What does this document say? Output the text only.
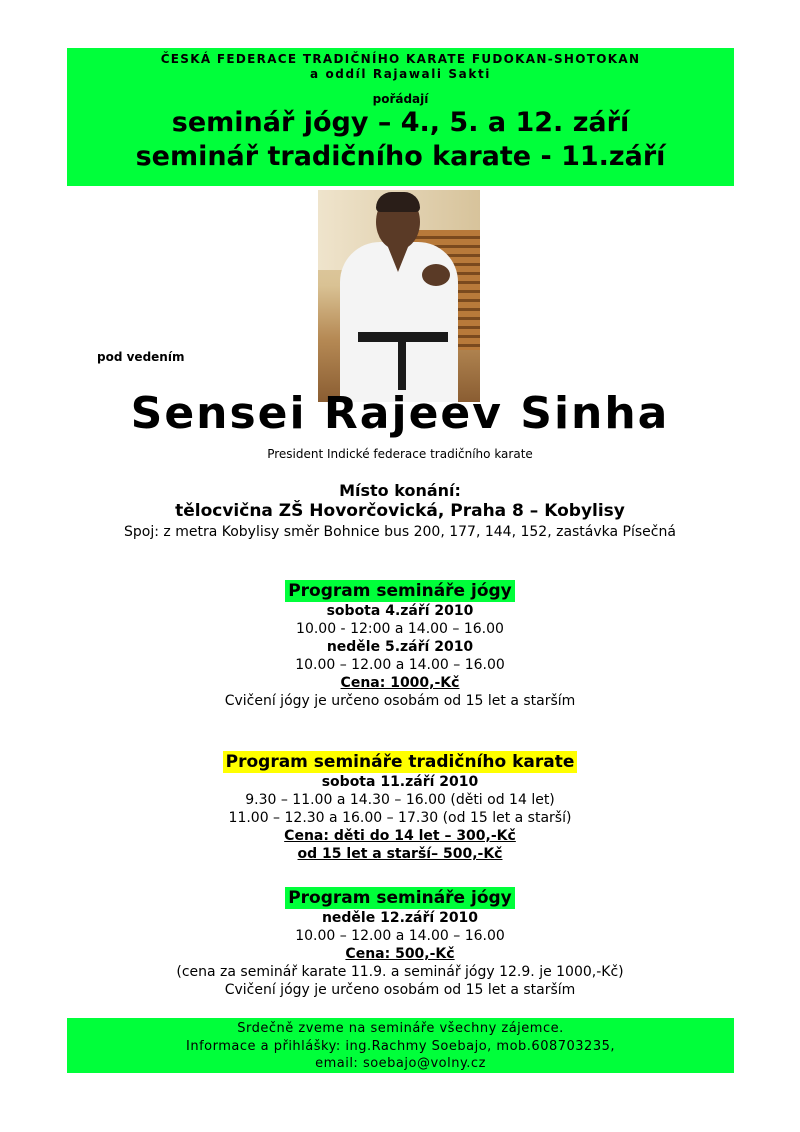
ČESKÁ FEDERACE TRADIČNÍHO KARATE FUDOKAN-SHOTOKAN
a oddíl Rajawali Sakti
pořádají
seminář jógy – 4., 5. a 12. září
seminář tradičního karate - 11.září
pod vedením
Sensei Rajeev Sinha
President Indické federace tradičního karate
Místo konání:
tělocvična ZŠ Hovorčovická, Praha 8 – Kobylisy
Spoj: z metra Kobylisy směr Bohnice bus 200, 177, 144, 152, zastávka Písečná
Program semináře jógy
sobota 4.září 2010
10.00 - 12:00 a 14.00 – 16.00
neděle 5.září 2010
10.00 – 12.00 a 14.00 – 16.00
Cena: 1000,-Kč
Cvičení jógy je určeno osobám od 15 let a starším
Program semináře tradičního karate
sobota 11.září 2010
9.30 – 11.00 a 14.30 – 16.00 (děti od 14 let)
11.00 – 12.30 a 16.00 – 17.30 (od 15 let a starší)
Cena: děti do 14 let – 300,-Kč
od 15 let a starší– 500,-Kč
Program semináře jógy
neděle 12.září 2010
10.00 – 12.00 a 14.00 – 16.00
Cena: 500,-Kč
(cena za seminář karate 11.9. a seminář jógy 12.9. je 1000,-Kč)
Cvičení jógy je určeno osobám od 15 let a starším
Srdečně zveme na semináře všechny zájemce.
Informace a přihlášky: ing.Rachmy Soebajo, mob.608703235,
email: soebajo@volny.cz
